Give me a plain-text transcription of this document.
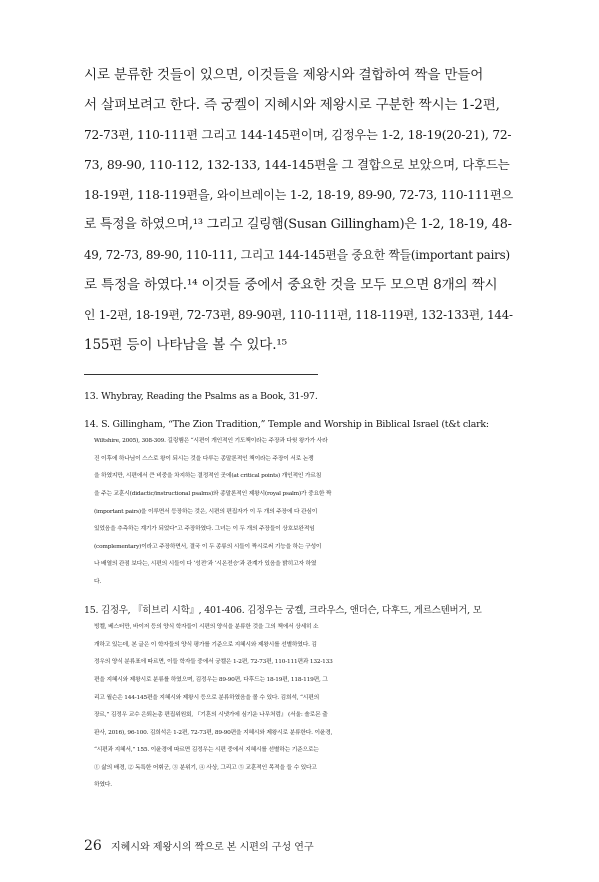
시로 분류한 것들이 있으면, 이것들을 제왕시와 결합하여 짝을 만들어
서 살펴보려고 한다. 즉 궁켈이 지혜시와 제왕시로 구분한 짝시는 1-2편,
72-73편, 110-111편 그리고 144-145편이며, 김정우는 1-2, 18-19(20-21), 72-
73, 89-90, 110-112, 132-133, 144-145편을 그 결합으로 보았으며, 다후드는
18-19편, 118-119편을, 와이브레이는 1-2, 18-19, 89-90, 72-73, 110-111편으
로 특정을 하였으며,¹³ 그리고 길링햄(Susan Gillingham)은 1-2, 18-19, 48-
49, 72-73, 89-90, 110-111, 그리고 144-145편을 중요한 짝들(important pairs)
로 특정을 하였다.¹⁴ 이것들 중에서 중요한 것을 모두 모으면 8개의 짝시
인 1-2편, 18-19편, 72-73편, 89-90편, 110-111편, 118-119편, 132-133편, 144-
155편 등이 나타남을 볼 수 있다.¹⁵

13. Whybray, Reading the Psalms as a Book, 31-97.

14. S. Gillingham, “The Zion Tradition,” Temple and Worship in Biblical Israel (t&t clark:
Wiltshire, 2005), 308-309. 길링햄은 “시편이 개인적인 기도책이라는 주장과 다윗 왕가가 사라
진 이후에 하나님이 스스로 왕이 되시는 것을 다루는 종말론적인 책이라는 주장이 서로 논쟁
을 하였지만, 시편에서 큰 비중을 차지하는 결정적인 곳에(at critical points) 개인적인 가르침
을 주는 교훈시(didactic/instructional psalms)와 종말론적인 제왕시(royal psalm)가 중요한 짝
(important pairs)을 이루면서 등장하는 것은, 시편의 편집자가 이 두 개의 주장에 다 관심이
있었음을 추측하는 계기가 되었다”고 주장하였다. 그녀는 이 두 개의 주장들이 상호보완적임
(complementary)이라고 주장하면서, 결국 이 두 종류의 시들이 짝시로써 기능을 하는 구성이
나 배열의 관점 보다는, 시편의 시들이 다 ‘성전’과 ‘시온전승’과 관계가 있음을 밝히고자 하였
다.

15. 김정우, 『히브리 시학』, 401-406. 김정우는 궁켈, 크라우스, 앤더슨, 다후드, 게르스텐버거, 모
빙켈, 베스터만, 바이저 등의 양식 학자들이 시편의 양식을 분류한 것을 그의 책에서 상세히 소
개하고 있는데, 본 글은 이 학자들의 양식 평가를 기준으로 지혜시와 제왕시를 선별하였다. 김
정우의 양식 분류표에 따르면, 이들 학자들 중에서 궁켈은 1-2편, 72-73편, 110-111편과 132-133
편을 지혜시와 제왕시로 분류를 하였으며, 김정우는 89-90편, 다후드는 18-19편, 118-119편, 그
리고 윌슨은 144-145편을 지혜시와 제왕시 등으로 분류하였음을 볼 수 있다. 김희석, “시편의
장르,” 김정우 교수 은퇴논총 편집위원회, 『기혼의 시냇가에 심기운 나무처럼』 (서울: 솔로몬 출
판사, 2016), 96-100. 김희석은 1-2편, 72-73편, 89-90편을 지혜시와 제왕시로 분류한다. 이윤경,
“시편과 지혜서,” 155. 이윤경에 따르면 김정우는 시편 중에서 지혜시를 선별하는 기준으로는
① 삶의 배경, ② 독특한 어휘군, ③ 분위기, ④ 사상, 그리고 ⑤ 교훈적인 목적을 들 수 있다고
하였다.

26 지혜시와 제왕시의 짝으로 본 시편의 구성 연구
